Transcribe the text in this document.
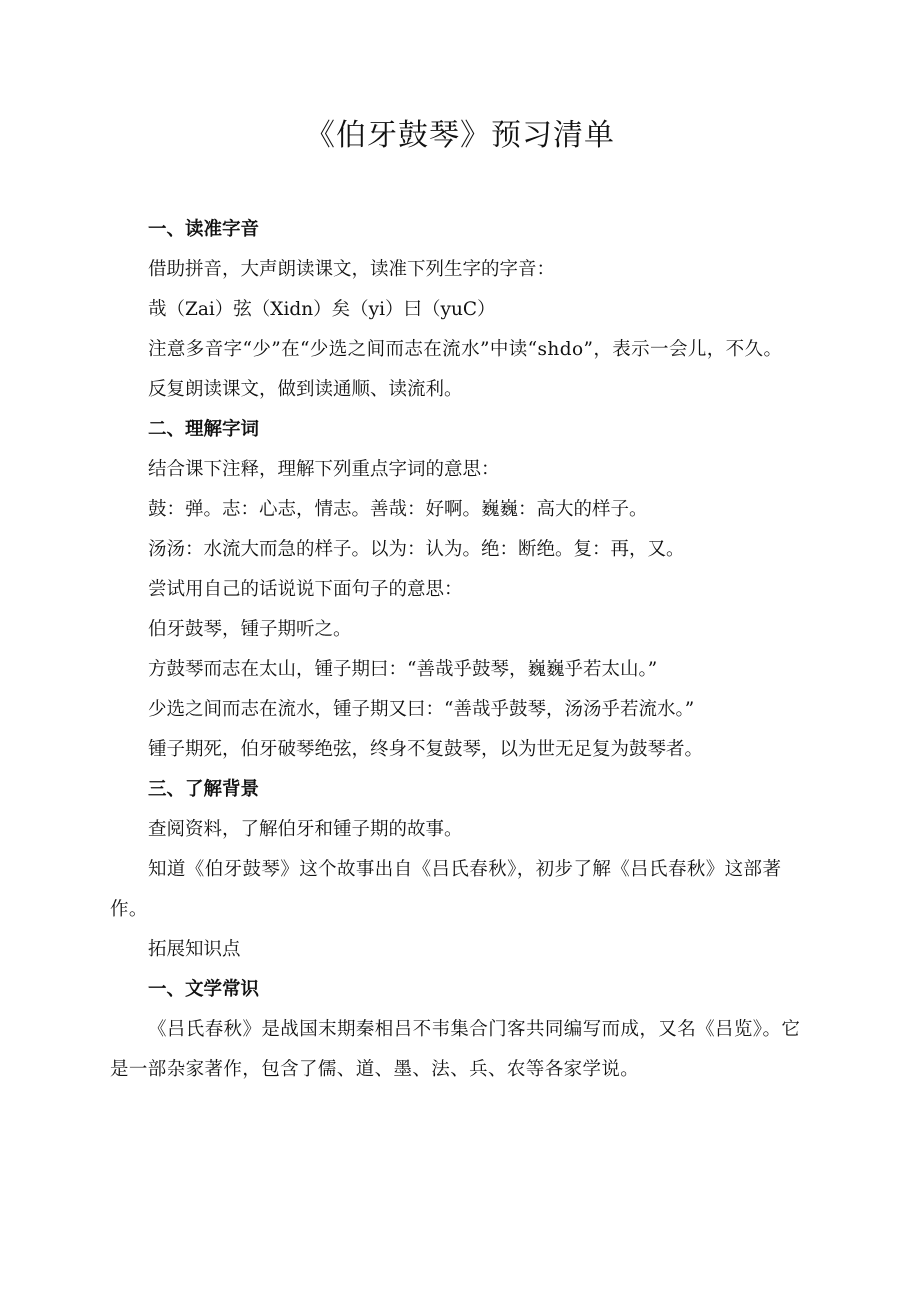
《伯牙鼓琴》预习清单

一、读准字音

借助拼音，大声朗读课文，读准下列生字的字音：

哉（Zai）弦（Xidn）矣（yi）曰（yuC）

注意多音字“少”在“少选之间而志在流水”中读“shdo”，表示一会儿，不久。

反复朗读课文，做到读通顺、读流利。

二、理解字词

结合课下注释，理解下列重点字词的意思：

鼓：弹。志：心志，情志。善哉：好啊。巍巍：高大的样子。

汤汤：水流大而急的样子。以为：认为。绝：断绝。复：再，又。

尝试用自己的话说说下面句子的意思：

伯牙鼓琴，锺子期听之。

方鼓琴而志在太山，锺子期曰：“善哉乎鼓琴，巍巍乎若太山。”

少选之间而志在流水，锺子期又曰：“善哉乎鼓琴，汤汤乎若流水。”

锺子期死，伯牙破琴绝弦，终身不复鼓琴，以为世无足复为鼓琴者。

三、了解背景

查阅资料，了解伯牙和锺子期的故事。

知道《伯牙鼓琴》这个故事出自《吕氏春秋》，初步了解《吕氏春秋》这部著作。

拓展知识点

一、文学常识

《吕氏春秋》是战国末期秦相吕不韦集合门客共同编写而成，又名《吕览》。它是一部杂家著作，包含了儒、道、墨、法、兵、农等各家学说。
